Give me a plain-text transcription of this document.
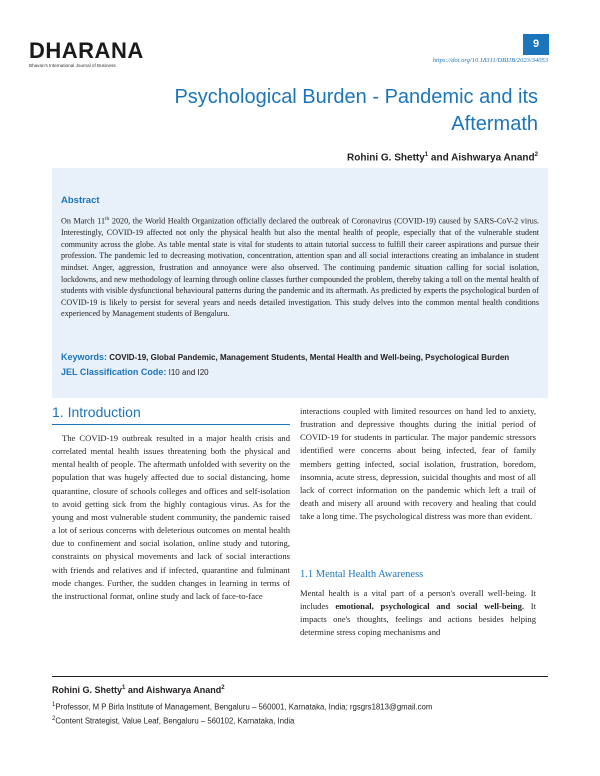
DHARANA
Bhavan's International Journal of Business
9
https://doi.org/10.18311/DBIJB/2023/34053
Psychological Burden - Pandemic and its Aftermath
Rohini G. Shetty$^1$ and Aishwarya Anand$^2$
Abstract
On March 11th 2020, the World Health Organization officially declared the outbreak of Coronavirus (COVID-19) caused by SARS-CoV-2 virus. Interestingly, COVID-19 affected not only the physical health but also the mental health of people, especially that of the vulnerable student community across the globe. As table mental state is vital for students to attain tutorial success to fulfill their career aspirations and pursue their profession. The pandemic led to decreasing motivation, concentration, attention span and all social interactions creating an imbalance in student mindset. Anger, aggression, frustration and annoyance were also observed. The continuing pandemic situation calling for social isolation, lockdowns, and new methodology of learning through online classes further compounded the problem, thereby taking a toll on the mental health of students with visible dysfunctional behavioural patterns during the pandemic and its aftermath. As predicted by experts the psychological burden of COVID-19 is likely to persist for several years and needs detailed investigation. This study delves into the common mental health conditions experienced by Management students of Bengaluru.
Keywords: COVID-19, Global Pandemic, Management Students, Mental Health and Well-being, Psychological Burden
JEL Classification Code: I10 and I20
1. Introduction
The COVID-19 outbreak resulted in a major health crisis and correlated mental health issues threatening both the physical and mental health of people. The aftermath unfolded with severity on the population that was hugely affected due to social distancing, home quarantine, closure of schools colleges and offices and self-isolation to avoid getting sick from the highly contagious virus. As for the young and most vulnerable student community, the pandemic raised a lot of serious concerns with deleterious outcomes on mental health due to confinement and social isolation, online study and tutoring, constraints on physical movements and lack of social interactions with friends and relatives and if infected, quarantine and fulminant mode changes. Further, the sudden changes in learning in terms of the instructional format, online study and lack of face-to-face
interactions coupled with limited resources on hand led to anxiety, frustration and depressive thoughts during the initial period of COVID-19 for students in particular. The major pandemic stressors identified were concerns about being infected, fear of family members getting infected, social isolation, frustration, boredom, insomnia, acute stress, depression, suicidal thoughts and most of all lack of correct information on the pandemic which left a trail of death and misery all around with recovery and healing that could take a long time. The psychological distress was more than evident.
1.1 Mental Health Awareness
Mental health is a vital part of a person's overall well-being. It includes emotional, psychological and social well-being. It impacts one's thoughts, feelings and actions besides helping determine stress coping mechanisms and
Rohini G. Shetty$^1$ and Aishwarya Anand$^2$
$^1$Professor, M P Birla Institute of Management, Bengaluru – 560001, Karnataka, India; rgsgrs1813@gmail.com
$^2$Content Strategist, Value Leaf, Bengaluru – 560102, Karnataka, India
